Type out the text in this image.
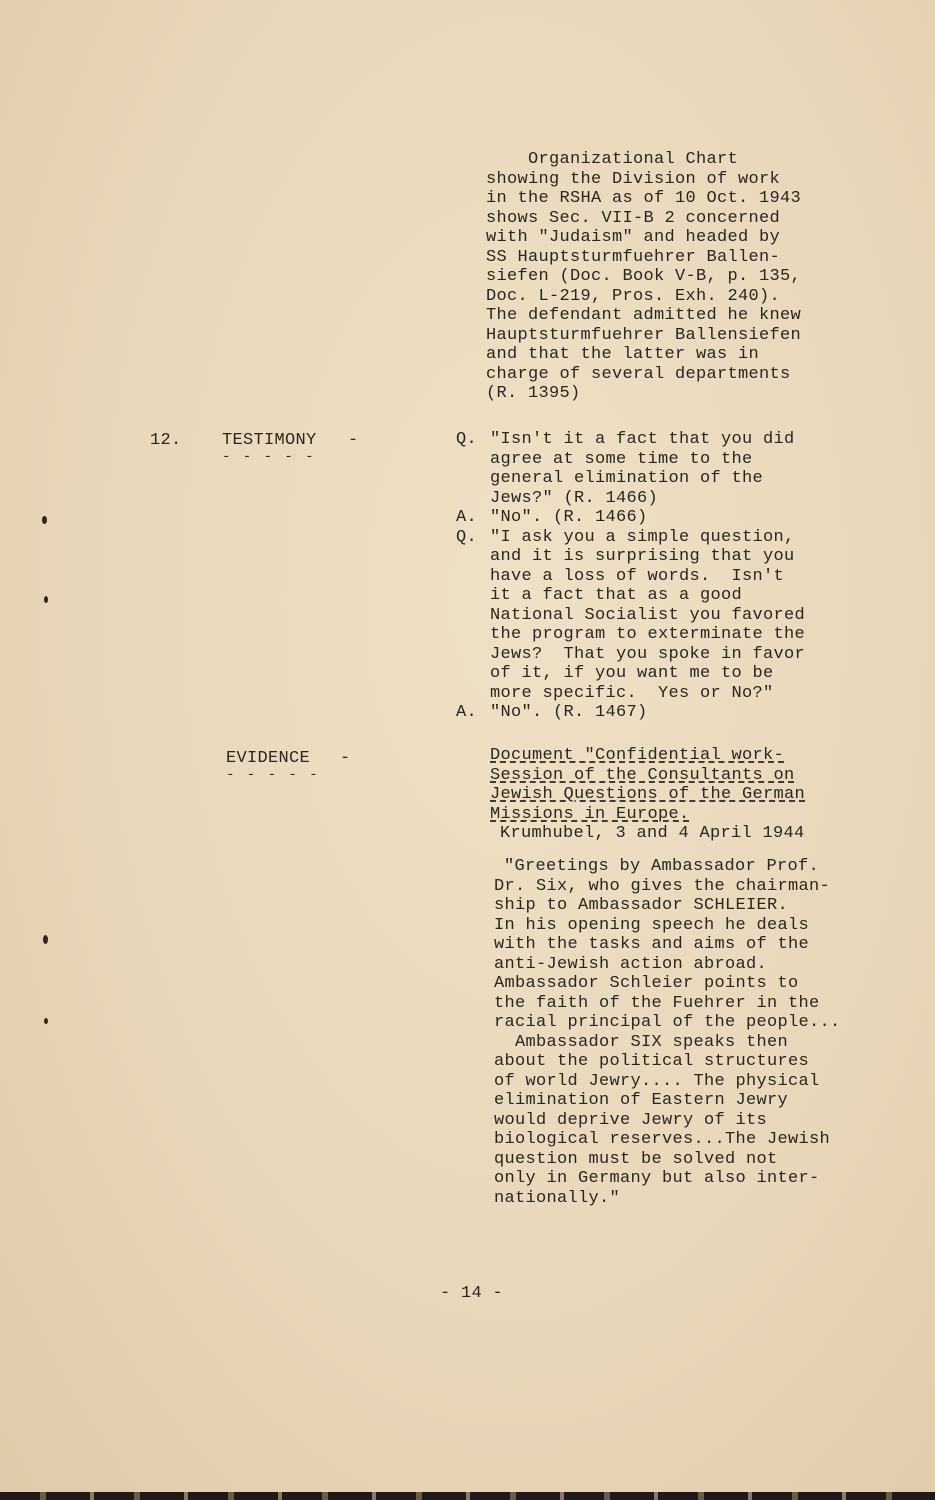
Organizational Chart
showing the Division of work
in the RSHA as of 10 Oct. 1943
shows Sec. VII-B 2 concerned
with "Judaism" and headed by
SS Hauptsturmfuehrer Ballen-
siefen (Doc. Book V-B, p. 135,
Doc. L-219, Pros. Exh. 240).
The defendant admitted he knew
Hauptsturmfuehrer Ballensiefen
and that the latter was in
charge of several departments
(R. 1395)
12. TESTIMONY
- - - - -
-	Q. "Isn't it a fact that you did
agree at some time to the
general elimination of the
Jews?" (R. 1466)
A. "No". (R. 1466)
Q. "I ask you a simple question,
and it is surprising that you
have a loss of words.  Isn't
it a fact that as a good
National Socialist you favored
the program to exterminate the
Jews?  That you spoke in favor
of it, if you want me to be
more specific.  Yes or No?"
A. "No". (R. 1467)
EVIDENCE
- - - - -
-	Document "Confidential work-
Session of the Consultants on
Jewish Questions of the German
Missions in Europe.
Krumhubel, 3 and 4 April 1944
"Greetings by Ambassador Prof.
Dr. Six, who gives the chairman-
ship to Ambassador SCHLEIER.
In his opening speech he deals
with the tasks and aims of the
anti-Jewish action abroad.
Ambassador Schleier points to
the faith of the Fuehrer in the
racial principal of the people...
Ambassador SIX speaks then
about the political structures
of world Jewry.... The physical
elimination of Eastern Jewry
would deprive Jewry of its
biological reserves...The Jewish
question must be solved not
only in Germany but also inter-
nationally."
- 14 -
